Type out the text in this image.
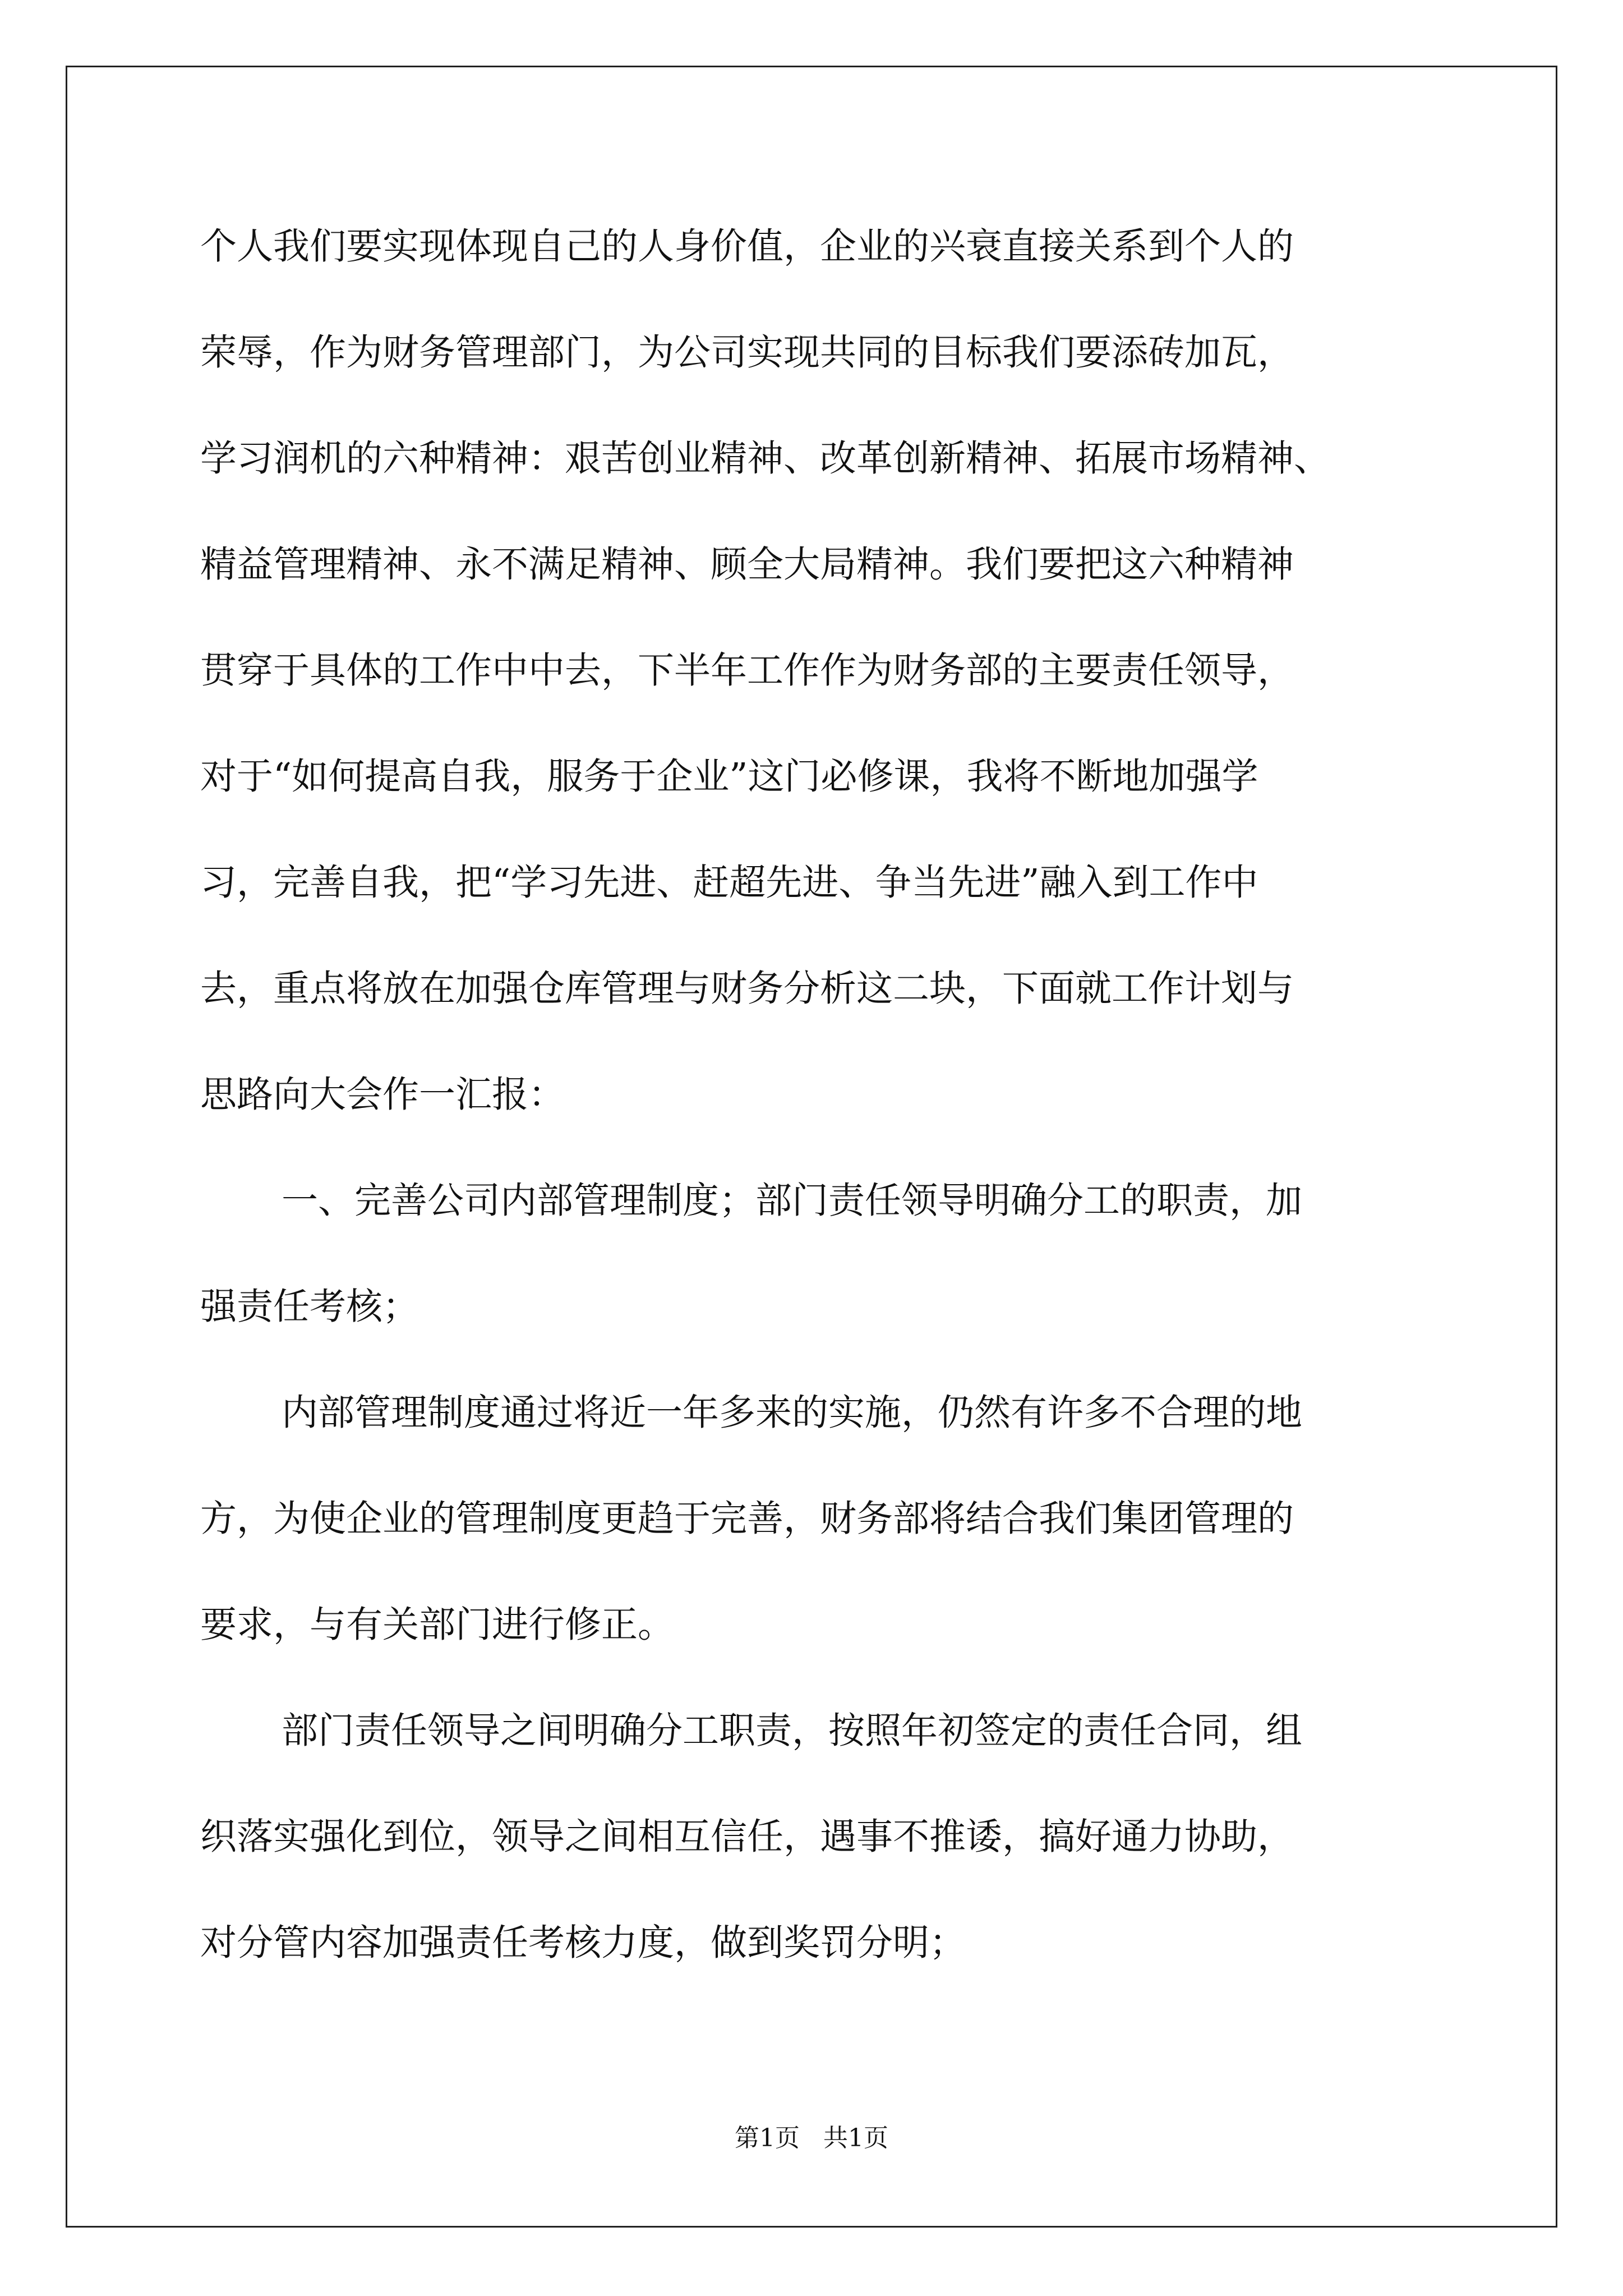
个人我们要实现体现自己的人身价值，企业的兴衰直接关系到个人的

荣辱，作为财务管理部门，为公司实现共同的目标我们要添砖加瓦，

学习润机的六种精神：艰苦创业精神、改革创新精神、拓展市场精神、

精益管理精神、永不满足精神、顾全大局精神。我们要把这六种精神

贯穿于具体的工作中中去，下半年工作作为财务部的主要责任领导，

对于“如何提高自我，服务于企业”这门必修课，我将不断地加强学

习，完善自我，把“学习先进、赶超先进、争当先进”融入到工作中

去，重点将放在加强仓库管理与财务分析这二块，下面就工作计划与

思路向大会作一汇报：

一、完善公司内部管理制度；部门责任领导明确分工的职责，加

强责任考核；

内部管理制度通过将近一年多来的实施，仍然有许多不合理的地

方，为使企业的管理制度更趋于完善，财务部将结合我们集团管理的

要求，与有关部门进行修正。

部门责任领导之间明确分工职责，按照年初签定的责任合同，组

织落实强化到位，领导之间相互信任，遇事不推诿，搞好通力协助，

对分管内容加强责任考核力度，做到奖罚分明；

第1页   共1页
